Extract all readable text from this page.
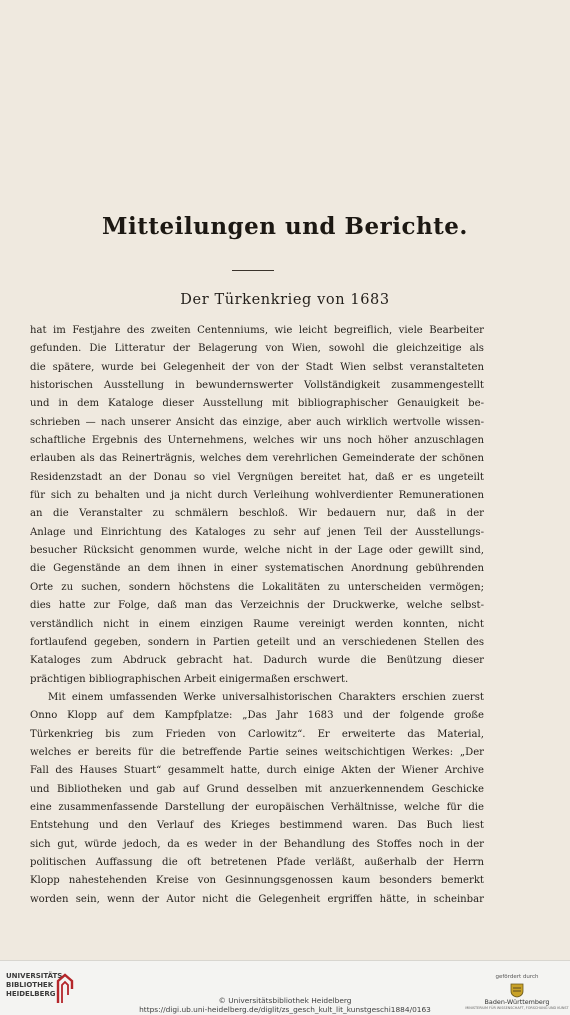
Mitteilungen und Berichte.
Der Türkenkrieg von 1683
hat im Festjahre des zweiten Centenniums, wie leicht begreiflich, viele Bearbeiter
gefunden. Die Litteratur der Belagerung von Wien, sowohl die gleichzeitige als
die spätere, wurde bei Gelegenheit der von der Stadt Wien selbst veranstalteten
historischen Ausstellung in bewundernswerter Vollständigkeit zusammengestellt
und in dem Kataloge dieser Ausstellung mit bibliographischer Genauigkeit be-
schrieben — nach unserer Ansicht das einzige, aber auch wirklich wertvolle wissen-
schaftliche Ergebnis des Unternehmens, welches wir uns noch höher anzuschlagen
erlauben als das Reinerträgnis, welches dem verehrlichen Gemeinderate der schönen
Residenzstadt an der Donau so viel Vergnügen bereitet hat, daß er es ungeteilt
für sich zu behalten und ja nicht durch Verleihung wohlverdienter Remunerationen
an die Veranstalter zu schmälern beschloß. Wir bedauern nur, daß in der
Anlage und Einrichtung des Kataloges zu sehr auf jenen Teil der Ausstellungs-
besucher Rücksicht genommen wurde, welche nicht in der Lage oder gewillt sind,
die Gegenstände an dem ihnen in einer systematischen Anordnung gebührenden
Orte zu suchen, sondern höchstens die Lokalitäten zu unterscheiden vermögen;
dies hatte zur Folge, daß man das Verzeichnis der Druckwerke, welche selbst-
verständlich nicht in einem einzigen Raume vereinigt werden konnten, nicht
fortlaufend gegeben, sondern in Partien geteilt und an verschiedenen Stellen des
Kataloges zum Abdruck gebracht hat. Dadurch wurde die Benützung dieser
prächtigen bibliographischen Arbeit einigermaßen erschwert.
Mit einem umfassenden Werke universalhistorischen Charakters erschien zuerst
Onno Klopp auf dem Kampfplatze: „Das Jahr 1683 und der folgende große
Türkenkrieg bis zum Frieden von Carlowitz“. Er erweiterte das Material,
welches er bereits für die betreffende Partie seines weitschichtigen Werkes: „Der
Fall des Hauses Stuart“ gesammelt hatte, durch einige Akten der Wiener Archive
und Bibliotheken und gab auf Grund desselben mit anzuerkennendem Geschicke
eine zusammenfassende Darstellung der europäischen Verhältnisse, welche für die
Entstehung und den Verlauf des Krieges bestimmend waren. Das Buch liest
sich gut, würde jedoch, da es weder in der Behandlung des Stoffes noch in der
politischen Auffassung die oft betretenen Pfade verläßt, außerhalb der Herrn
Klopp nahestehenden Kreise von Gesinnungsgenossen kaum besonders bemerkt
worden sein, wenn der Autor nicht die Gelegenheit ergriffen hätte, in scheinbar
UNIVERSITÄTS-
BIBLIOTHEK
HEIDELBERG
© Universitätsbibliothek Heidelberg
https://digi.ub.uni-heidelberg.de/diglit/zs_gesch_kult_lit_kunstgeschi1884/0163
gefördert durch
Baden-Württemberg
MINISTERIUM FÜR WISSENSCHAFT, FORSCHUNG UND KUNST
